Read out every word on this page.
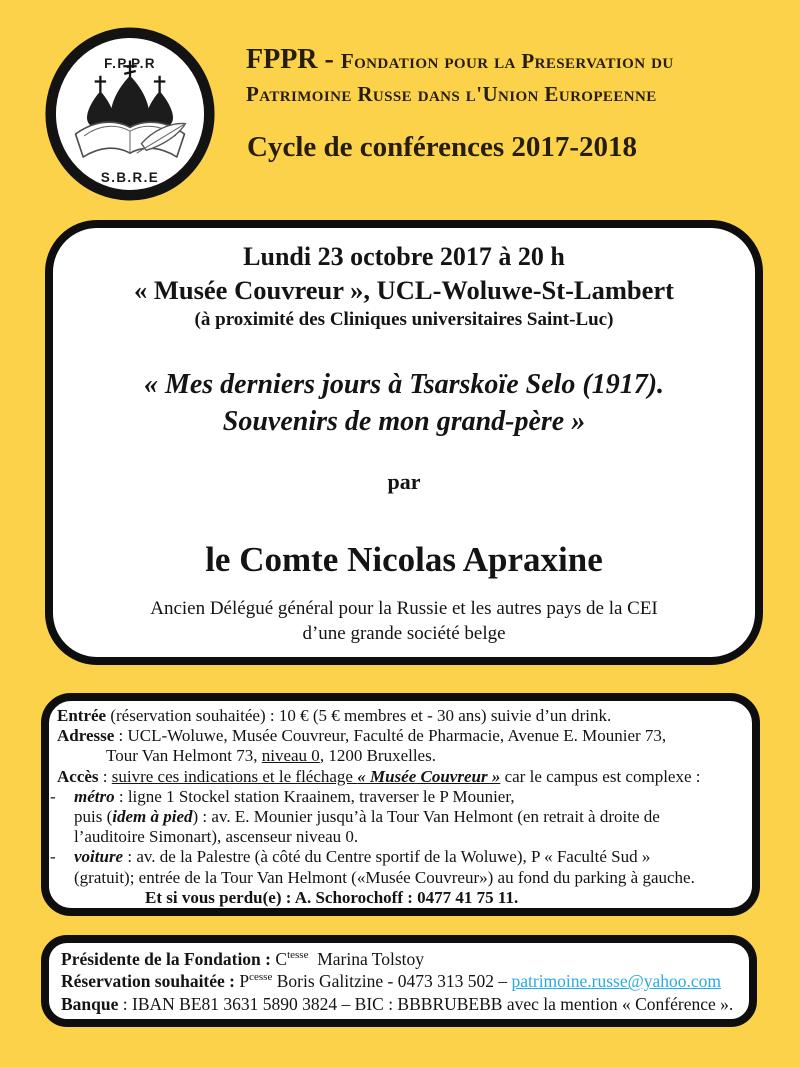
F.P.P.R
S.B.R.E
FPPR - Fondation pour la Preservation du
Patrimoine Russe dans l'Union Europeenne
Cycle de conférences 2017-2018
Lundi 23 octobre 2017 à 20 h
« Musée Couvreur », UCL-Woluwe-St-Lambert
(à proximité des Cliniques universitaires Saint-Luc)
« Mes derniers jours à Tsarskoïe Selo (1917).
Souvenirs de mon grand-père »
par
le Comte Nicolas Apraxine
Ancien Délégué général pour la Russie et les autres pays de la CEI
d’une grande société belge
Entrée (réservation souhaitée) : 10 € (5 € membres et - 30 ans) suivie d’un drink.
Adresse : UCL-Woluwe, Musée Couvreur, Faculté de Pharmacie, Avenue E. Mounier 73,
Tour Van Helmont 73, niveau 0, 1200 Bruxelles.
Accès : suivre ces indications et le fléchage « Musée Couvreur » car le campus est complexe :
- métro : ligne 1 Stockel station Kraainem, traverser le P Mounier,
puis (idem à pied) : av. E. Mounier jusqu’à la Tour Van Helmont (en retrait à droite de
l’auditoire Simonart), ascenseur niveau 0.
- voiture : av. de la Palestre (à côté du Centre sportif de la Woluwe), P « Faculté Sud »
(gratuit); entrée de la Tour Van Helmont («Musée Couvreur») au fond du parking à gauche.
Et si vous perdu(e) : A. Schorochoff : 0477 41 75 11.
Présidente de la Fondation : $C^{tesse}$  Marina Tolstoy
Réservation souhaitée : $P^{cesse}$ Boris Galitzine - 0473 313 502 – patrimoine.russe@yahoo.com
Banque : IBAN BE81 3631 5890 3824 – BIC : BBBRUBEBB avec la mention « Conférence ».
